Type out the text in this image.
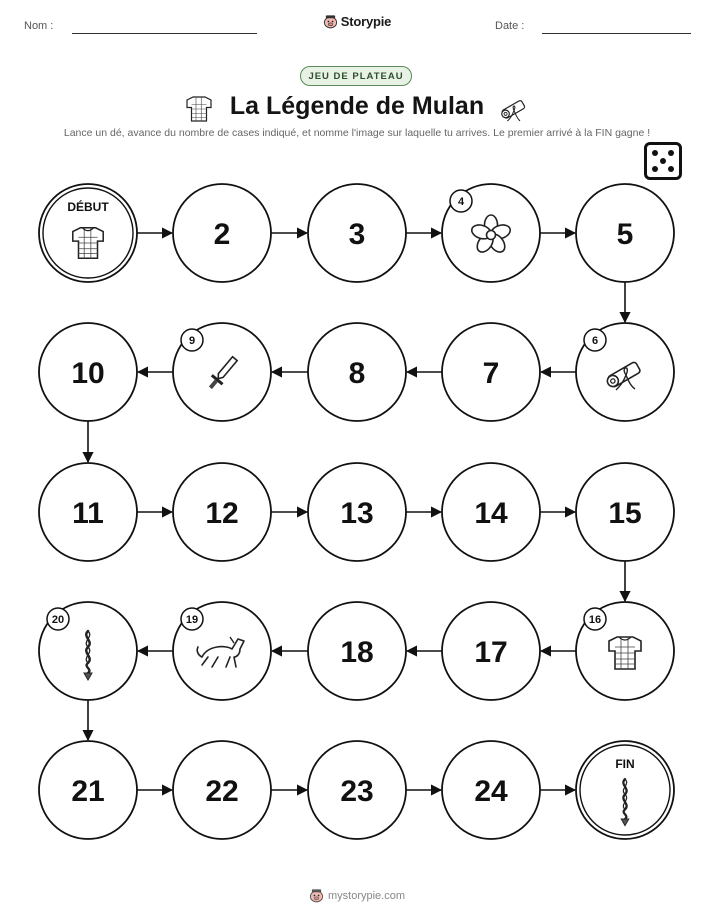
Nom :	Storypie	Date :
JEU DE PLATEAU
La Légende de Mulan
Lance un dé, avance du nombre de cases indiqué, et nomme l'image sur laquelle tu arrives. Le premier arrivé à la FIN gagne !
DÉBUT
2	3
4
5
6
7
8
9
10
11	12	13	14	15
16
17
18
19
20
21	22	23	24
FIN
mystorypie.com
